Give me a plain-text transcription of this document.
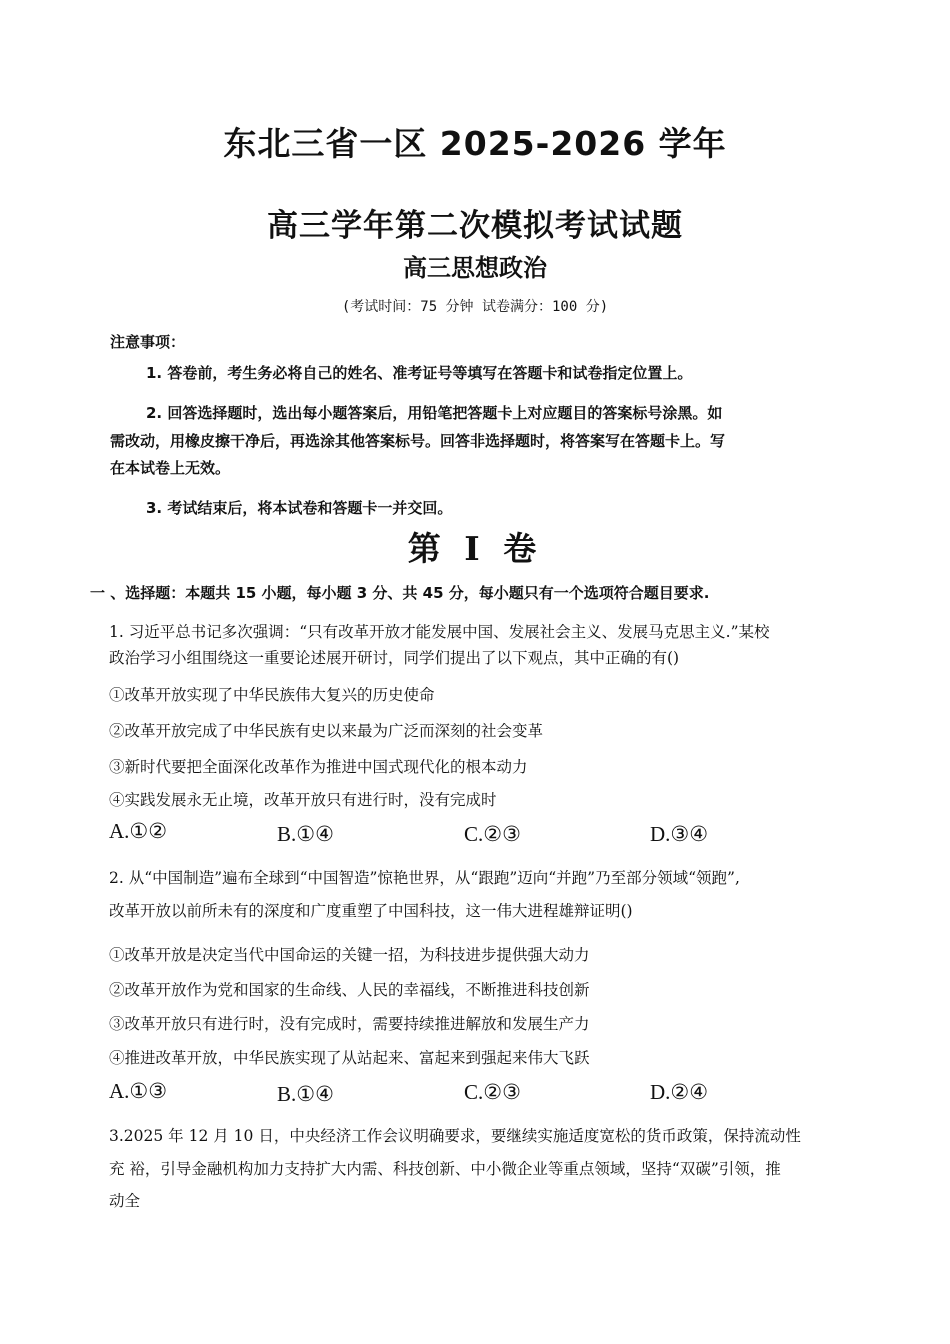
东北三省一区 2025-2026 学年
高三学年第二次模拟考试试题
高三思想政治
(考试时间：75 分钟 试卷满分：100 分)
注意事项：
1. 答卷前，考生务必将自己的姓名、准考证号等填写在答题卡和试卷指定位置上。
2. 回答选择题时，选出每小题答案后，用铅笔把答题卡上对应题目的答案标号涂黑。如
需改动，用橡皮擦干净后，再选涂其他答案标号。回答非选择题时，将答案写在答题卡上。写
在本试卷上无效。
3. 考试结束后，将本试卷和答题卡一并交回。
第 I 卷
一 、选择题：本题共 15 小题，每小题 3 分、共 45 分，每小题只有一个选项符合题目要求.
1. 习近平总书记多次强调：“只有改革开放才能发展中国、发展社会主义、发展马克思主义.”某校
政治学习小组围绕这一重要论述展开研讨，同学们提出了以下观点，其中正确的有()
①改革开放实现了中华民族伟大复兴的历史使命
②改革开放完成了中华民族有史以来最为广泛而深刻的社会变革
③新时代要把全面深化改革作为推进中国式现代化的根本动力
④实践发展永无止境，改革开放只有进行时，没有完成时
A.①②	B.①④	C.②③	D.③④
2. 从“中国制造”遍布全球到“中国智造”惊艳世界，从“跟跑”迈向“并跑”乃至部分领域“领跑”,
改革开放以前所未有的深度和广度重塑了中国科技，这一伟大进程雄辩证明()
①改革开放是决定当代中国命运的关键一招，为科技进步提供强大动力
②改革开放作为党和国家的生命线、人民的幸福线，不断推进科技创新
③改革开放只有进行时，没有完成时，需要持续推进解放和发展生产力
④推进改革开放，中华民族实现了从站起来、富起来到强起来伟大飞跃
A.①③	B.①④	C.②③	D.②④
3.2025 年 12 月 10 日，中央经济工作会议明确要求，要继续实施适度宽松的货币政策，保持流动性
充 裕，引导金融机构加力支持扩大内需、科技创新、中小微企业等重点领域，坚持“双碳”引领，推
动全
